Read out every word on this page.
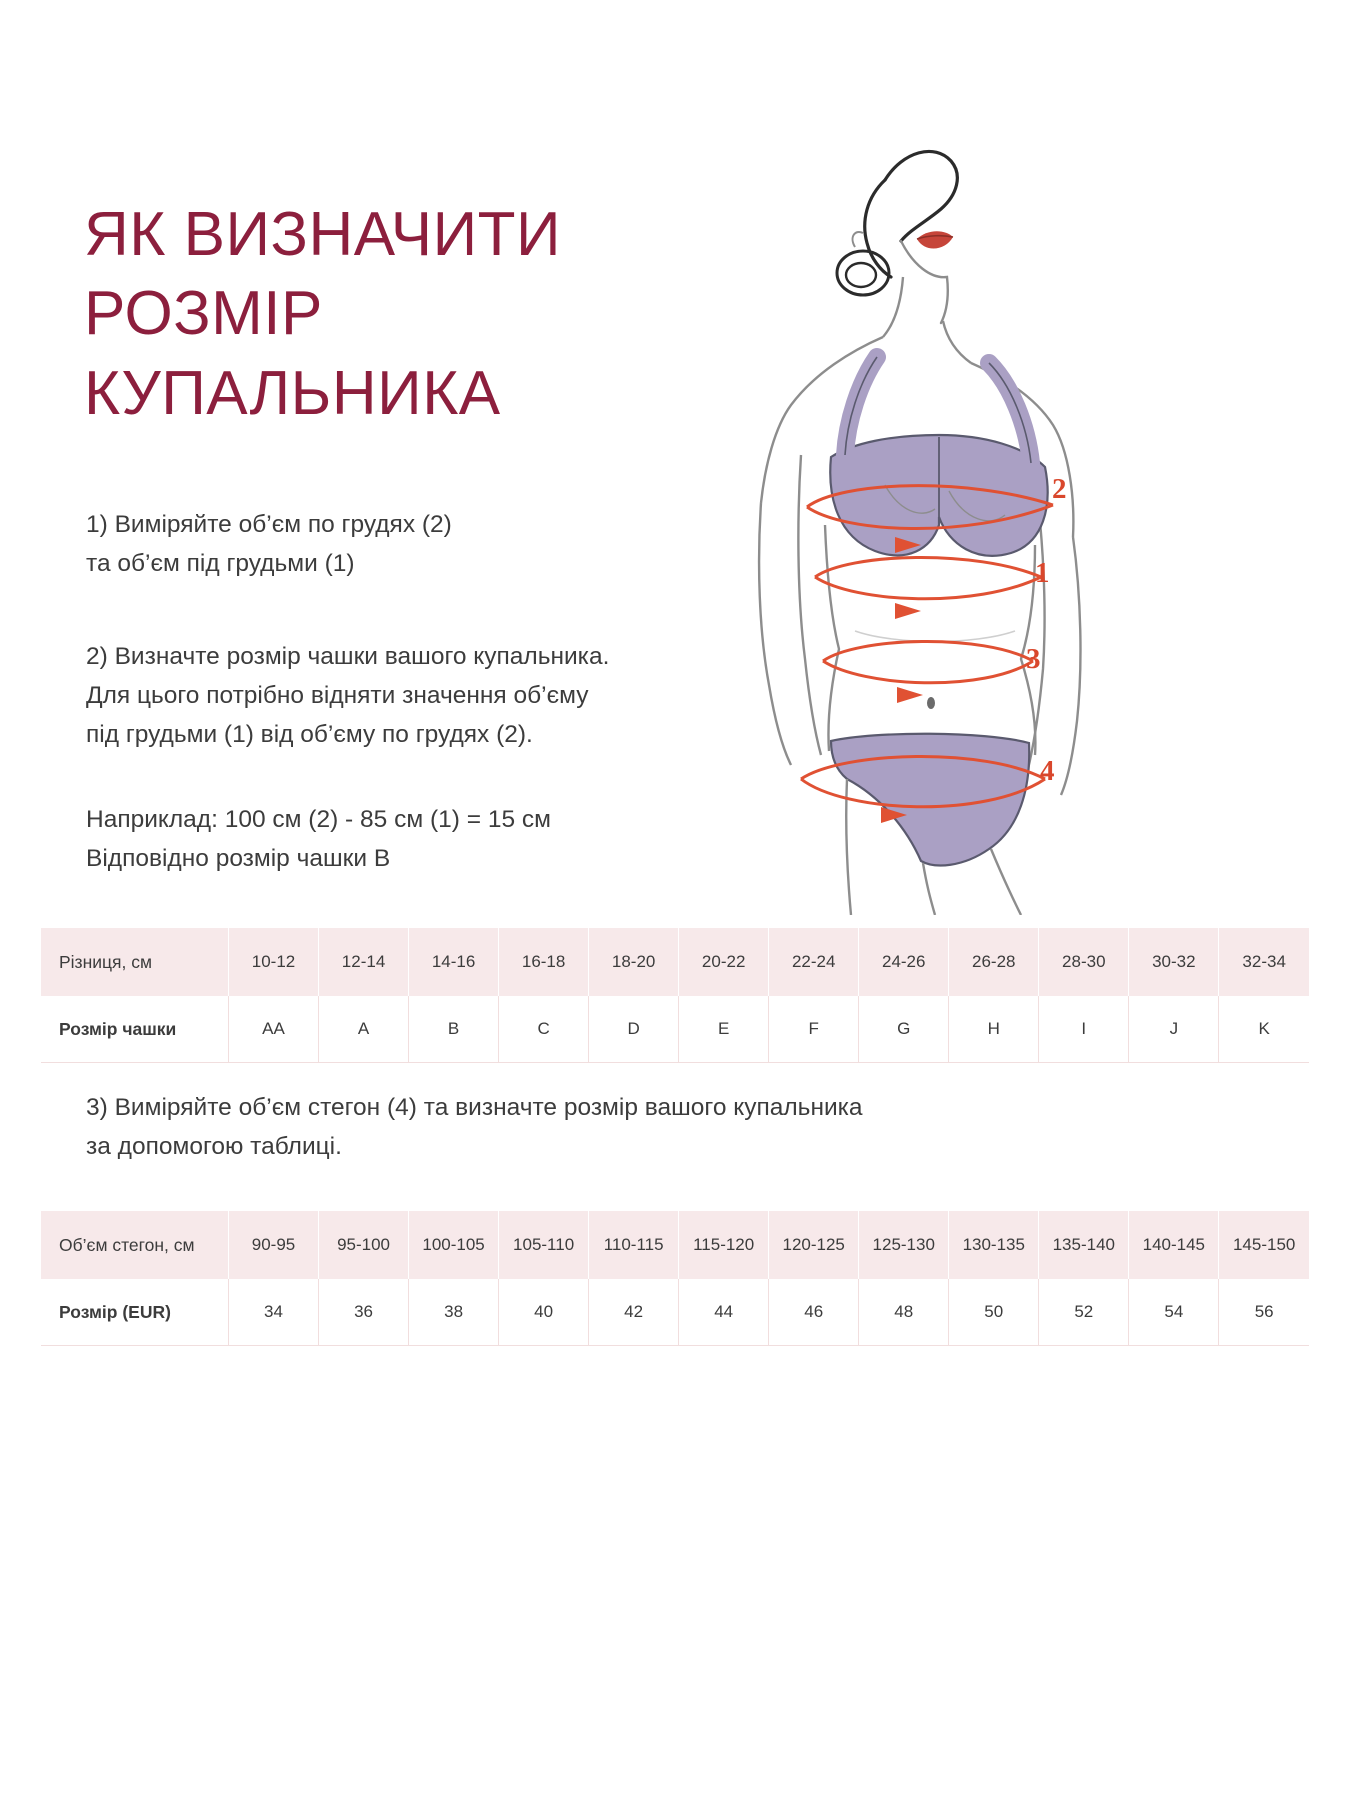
ЯК ВИЗНАЧИТИ РОЗМІР КУПАЛЬНИКА

1) Виміряйте об’єм по грудях (2)

та об’єм під грудьми (1)

2) Визначте розмір чашки вашого купальника.

Для цього потрібно відняти значення об’єму

під грудьми (1) від об’єму по грудях (2).

Наприклад: 100 см (2) - 85 см (1) = 15 см

Відповідно розмір чашки B

2
1
3
4
Різниця, см	10-12	12-14	14-16	16-18	18-20	20-22	22-24	24-26	26-28	28-30	30-32	32-34
Розмір чашки	AA	A	B	C	D	E	F	G	H	I	J	K

3) Виміряйте об’єм стегон (4) та визначте розмір вашого купальника

за допомогою таблиці.

Об’єм стегон, см	90-95	95-100	100-105	105-110	110-115	115-120	120-125	125-130	130-135	135-140	140-145	145-150
Розмір (EUR)	34	36	38	40	42	44	46	48	50	52	54	56
